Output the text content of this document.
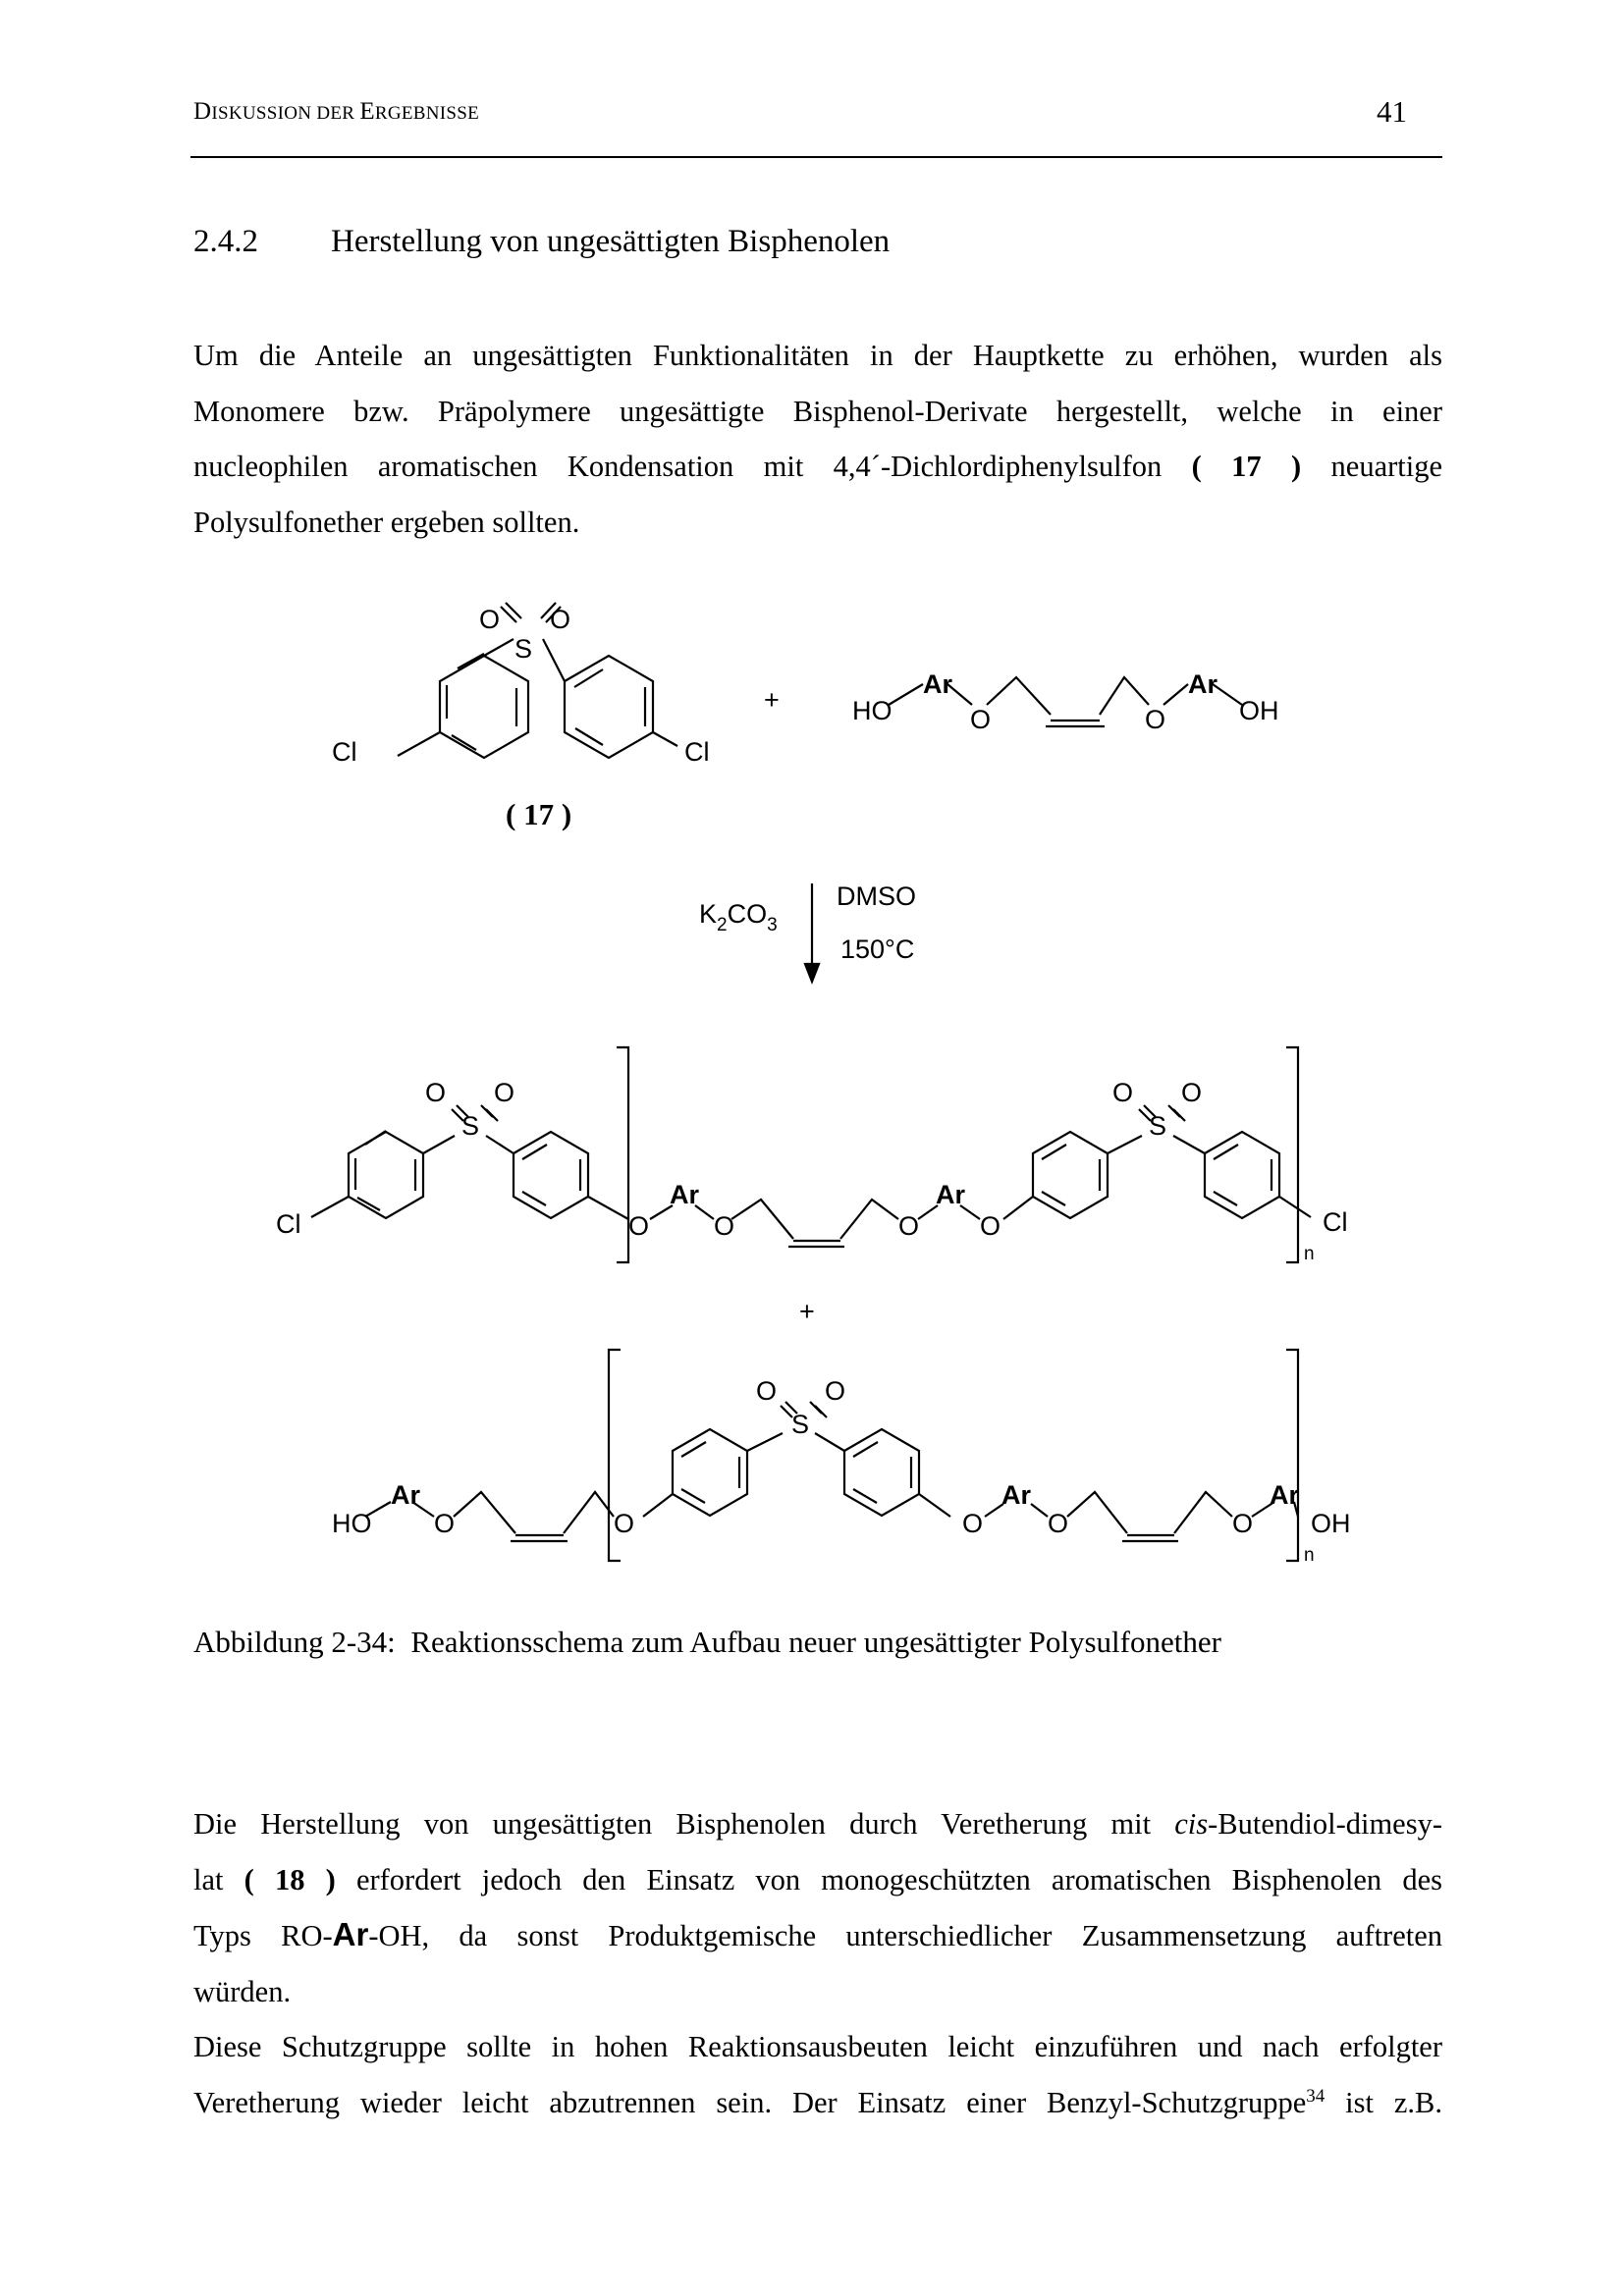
DISKUSSION DER ERGEBNISSE	41
2.4.2 Herstellung von ungesättigten Bisphenolen
Um die Anteile an ungesättigten Funktionalitäten in der Hauptkette zu erhöhen, wurden als
Monomere bzw. Präpolymere ungesättigte Bisphenol-Derivate hergestellt, welche in einer
nucleophilen aromatischen Kondensation mit 4,4´-Dichlordiphenylsulfon ( 17 ) neuartige
Polysulfonether ergeben sollten.
O O
S
Cl	Cl
+	HO
Ar
O	O
Ar
OH
$K_2CO_3$
DMSO
150°C
O O
S
Cl	O
Ar
O	O
Ar
O
O O
S
Cl
n
+
HO
Ar
O	O
O O
S
O
Ar
O	O
Ar
OH
n
( 17 )
Abbildung 2-34: Reaktionsschema zum Aufbau neuer ungesättigter Polysulfonether
Die Herstellung von ungesättigten Bisphenolen durch Veretherung mit cis-Butendiol-dimesy-
lat ( 18 ) erfordert jedoch den Einsatz von monogeschützten aromatischen Bisphenolen des
Typs RO-Ar-OH, da sonst Produktgemische unterschiedlicher Zusammensetzung auftreten
würden.
Diese Schutzgruppe sollte in hohen Reaktionsausbeuten leicht einzuführen und nach erfolgter
Veretherung wieder leicht abzutrennen sein. Der Einsatz einer Benzyl-Schutzgruppe$^{34}$ ist z.B.
